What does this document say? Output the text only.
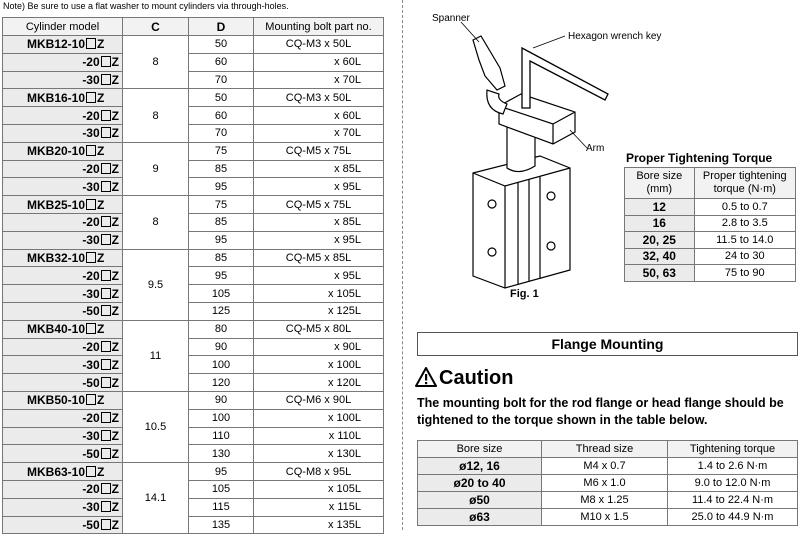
Note) Be sure to use a flat washer to mount cylinders via through-holes.
Cylinder model	C	D	Mounting bolt part no.
MKB12-10 Z	8	50	CQ-M3 x 50L
-20 Z		60	x 60L
-30 Z		70	x 70L
MKB16-10 Z	8	50	CQ-M3 x 50L
-20 Z		60	x 60L
-30 Z		70	x 70L
MKB20-10 Z	9	75	CQ-M5 x 75L
-20 Z		85	x 85L
-30 Z		95	x 95L
MKB25-10 Z	8	75	CQ-M5 x 75L
-20 Z		85	x 85L
-30 Z		95	x 95L
MKB32-10 Z	9.5	85	CQ-M5 x 85L
-20 Z		95	x 95L
-30 Z		105	x 105L
-50 Z		125	x 125L
MKB40-10 Z	11	80	CQ-M5 x 80L
-20 Z		90	x 90L
-30 Z		100	x 100L
-50 Z		120	x 120L
MKB50-10 Z	10.5	90	CQ-M6 x 90L
-20 Z		100	x 100L
-30 Z		110	x 110L
-50 Z		130	x 130L
MKB63-10 Z	14.1	95	CQ-M8 x 95L
-20 Z		105	x 105L
-30 Z		115	x 115L
-50 Z		135	x 135L
Spanner
Hexagon wrench key
Arm
Fig. 1
Proper Tightening Torque
Bore size (mm)	Proper tightening torque (N·m)
12	0.5 to 0.7
16	2.8 to 3.5
20, 25	11.5 to 14.0
32, 40	24 to 30
50, 63	75 to 90
Flange Mounting
Caution
The mounting bolt for the rod flange or head flange should be tightened to the torque shown in the table below.
Bore size	Thread size	Tightening torque
ø12, 16	M4 x 0.7	1.4 to 2.6 N·m
ø20 to 40	M6 x 1.0	9.0 to 12.0 N·m
ø50	M8 x 1.25	11.4 to 22.4 N·m
ø63	M10 x 1.5	25.0 to 44.9 N·m
